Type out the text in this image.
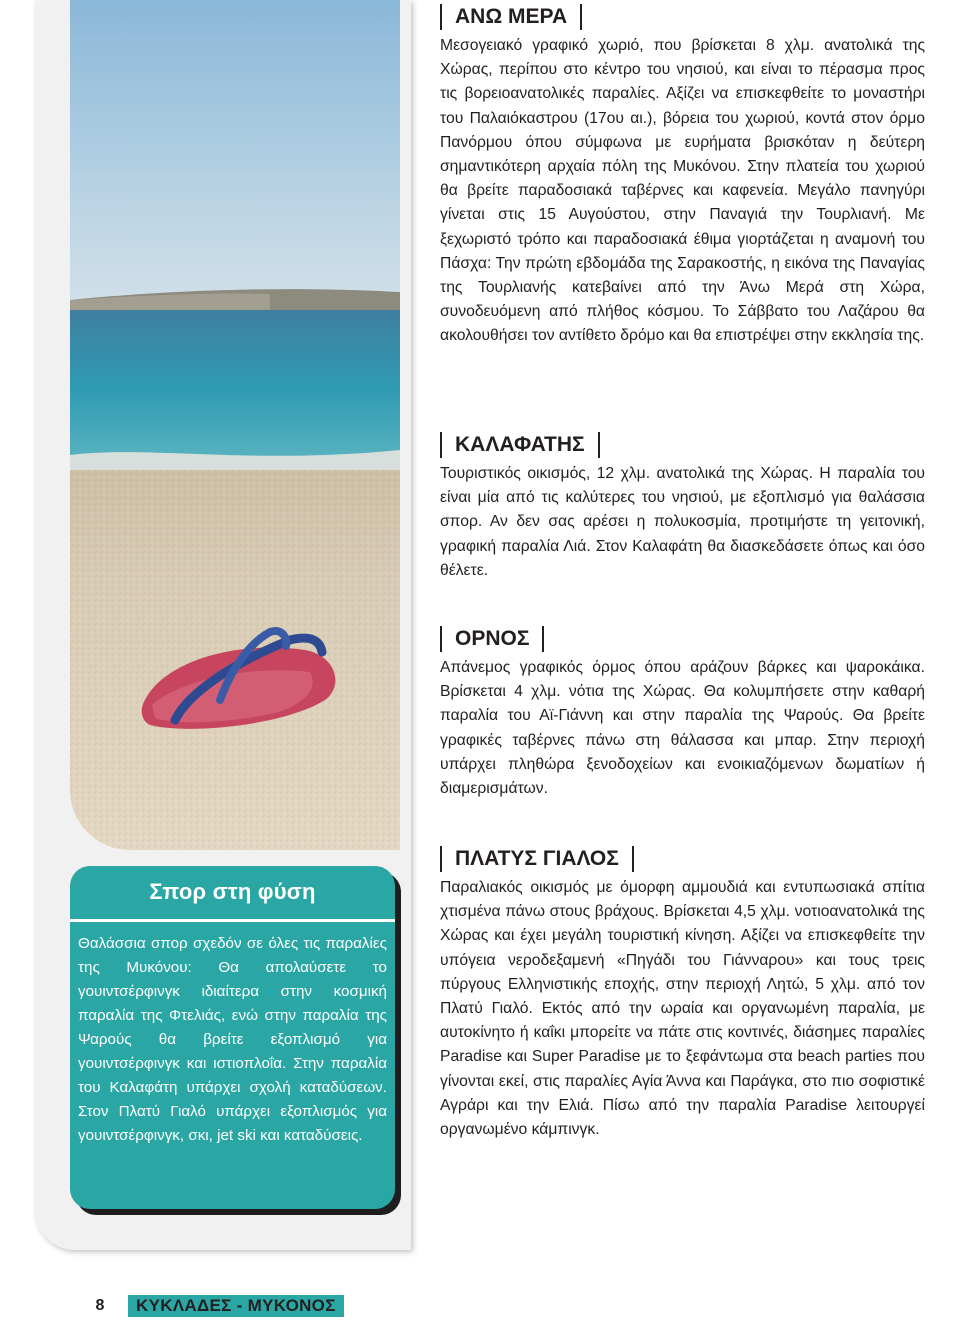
Σπορ στη φύση
Θαλάσσια σπορ σχεδόν σε όλες τις παραλίες της Μυκόνου: Θα απολαύσετε το γουιντσέρφινγκ ιδιαίτερα στην κοσμική παραλία της Φτελιάς, ενώ στην παραλία της Ψαρούς θα βρείτε εξοπλισμό για γουιντσέρφινγκ και ιστιοπλοΐα. Στην παραλία του Καλαφάτη υπάρχει σχολή καταδύσεων. Στον Πλατύ Γιαλό υπάρχει εξοπλισμός για γουιντσέρφινγκ, σκι, jet ski και καταδύσεις.
ΑΝΩ ΜΕΡΑ
Μεσογειακό γραφικό χωριό, που βρίσκεται 8 χλμ. ανατολικά της Χώρας, περίπου στο κέντρο του νησιού, και είναι το πέρασμα προς τις βορειοανατολικές παραλίες. Αξίζει να επισκεφθείτε το μοναστήρι του Παλαιόκαστρου (17ου αι.), βόρεια του χωριού, κοντά στον όρμο Πανόρμου όπου σύμφωνα με ευρήματα βρισκόταν η δεύτερη σημαντικότερη αρχαία πόλη της Μυκόνου. Στην πλατεία του χωριού θα βρείτε παραδοσιακά ταβέρνες και καφενεία. Μεγάλο πανηγύρι γίνεται στις 15 Αυγούστου, στην Παναγιά την Τουρλιανή. Με ξεχωριστό τρόπο και παραδοσιακά έθιμα γιορτάζεται η αναμονή του Πάσχα: Την πρώτη εβδομάδα της Σαρακοστής, η εικόνα της Παναγίας της Τουρλιανής κατεβαίνει από την Άνω Μερά στη Χώρα, συνοδευόμενη από πλήθος κόσμου. Το Σάββατο του Λαζάρου θα ακολουθήσει τον αντίθετο δρόμο και θα επιστρέψει στην εκκλησία της.
ΚΑΛΑΦΑΤΗΣ
Τουριστικός οικισμός, 12 χλμ. ανατολικά της Χώρας. Η παραλία του είναι μία από τις καλύτερες του νησιού, με εξοπλισμό για θαλάσσια σπορ. Αν δεν σας αρέσει η πολυκοσμία, προτιμήστε τη γειτονική, γραφική παραλία Λιά. Στον Καλαφάτη θα διασκεδάσετε όπως και όσο θέλετε.
ΟΡΝΟΣ
Απάνεμος γραφικός όρμος όπου αράζουν βάρκες και ψαροκάικα. Βρίσκεται 4 χλμ. νότια της Χώρας. Θα κολυμπήσετε στην καθαρή παραλία του Αϊ-Γιάννη και στην παραλία της Ψαρούς. Θα βρείτε γραφικές ταβέρνες πάνω στη θάλασσα και μπαρ. Στην περιοχή υπάρχει πληθώρα ξενοδοχείων και ενοικιαζόμενων δωματίων ή διαμερισμάτων.
ΠΛΑΤΥΣ ΓΙΑΛΟΣ
Παραλιακός οικισμός με όμορφη αμμουδιά και εντυπωσιακά σπίτια χτισμένα πάνω στους βράχους. Βρίσκεται 4,5 χλμ. νοτιοανατολικά της Χώρας και έχει μεγάλη τουριστική κίνηση. Αξίζει να επισκεφθείτε την υπόγεια νεροδεξαμενή «Πηγάδι του Γιάνναρου» και τους τρεις πύργους Ελληνιστικής εποχής, στην περιοχή Λητώ, 5 χλμ. από τον Πλατύ Γιαλό. Εκτός από την ωραία και οργανωμένη παραλία, με αυτοκίνητο ή καΐκι μπορείτε να πάτε στις κοντινές, διάσημες παραλίες Paradise και Super Paradise με το ξεφάντωμα στα beach parties που γίνονται εκεί, στις παραλίες Αγία Άννα και Παράγκα, στο πιο σοφιστικέ Αγράρι και την Ελιά. Πίσω από την παραλία Paradise λειτουργεί οργανωμένο κάμπινγκ.
8	ΚΥΚΛΑΔΕΣ - ΜΥΚΟΝΟΣ
